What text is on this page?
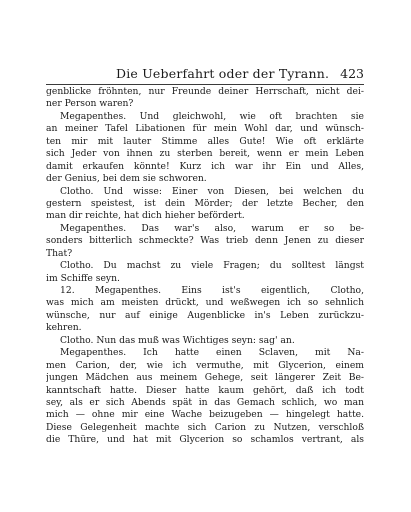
Die Ueberfahrt oder der Tyrann. 423
genblicke fröhnten, nur Freunde deiner Herrschaft, nicht dei-
ner Person waren?
Megapenthes. Und gleichwohl, wie oft brachten sie
an meiner Tafel Libationen für mein Wohl dar, und wünsch-
ten mir mit lauter Stimme alles Gute! Wie oft erklärte
sich Jeder von ihnen zu sterben bereit, wenn er mein Leben
damit erkaufen könnte! Kurz ich war ihr Ein und Alles,
der Genius, bei dem sie schworen.
Clotho. Und wisse: Einer von Diesen, bei welchen du
gestern speistest, ist dein Mörder; der letzte Becher, den
man dir reichte, hat dich hieher befördert.
Megapenthes. Das war's also, warum er so be-
sonders bitterlich schmeckte? Was trieb denn Jenen zu dieser
That?
Clotho. Du machst zu viele Fragen; du solltest längst
im Schiffe seyn.
12. Megapenthes. Eins ist's eigentlich, Clotho,
was mich am meisten drückt, und weßwegen ich so sehnlich
wünsche, nur auf einige Augenblicke in's Leben zurückzu-
kehren.
Clotho. Nun das muß was Wichtiges seyn: sag' an.
Megapenthes. Ich hatte einen Sclaven, mit Na-
men Carion, der, wie ich vermuthe, mit Glycerion, einem
jungen Mädchen aus meinem Gehege, seit längerer Zeit Be-
kanntschaft hatte. Dieser hatte kaum gehört, daß ich todt
sey, als er sich Abends spät in das Gemach schlich, wo man
mich — ohne mir eine Wache beizugeben — hingelegt hatte.
Diese Gelegenheit machte sich Carion zu Nutzen, verschloß
die Thüre, und hat mit Glycerion so schamlos vertrant, als
